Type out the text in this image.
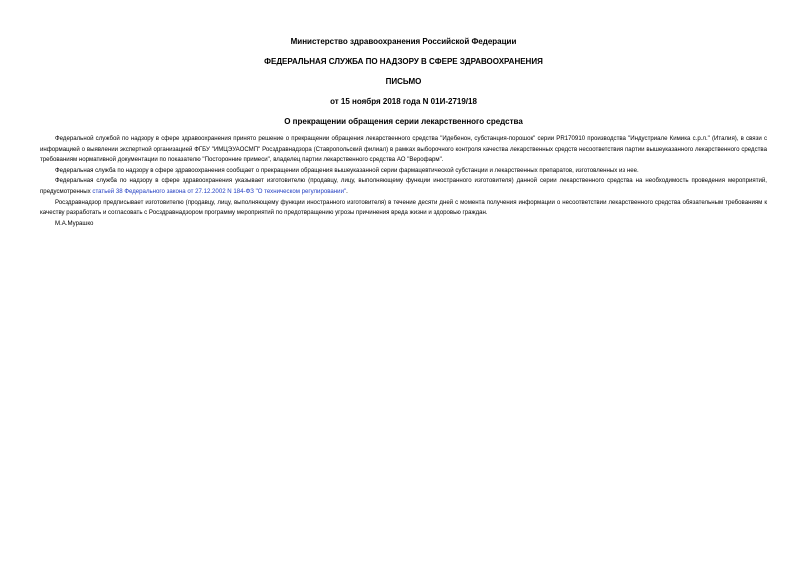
Министерство здравоохранения Российской Федерации

ФЕДЕРАЛЬНАЯ СЛУЖБА ПО НАДЗОРУ В СФЕРЕ ЗДРАВООХРАНЕНИЯ

ПИСЬМО

от 15 ноября 2018 года N 01И-2719/18

О прекращении обращения серии лекарственного средства

Федеральной службой по надзору в сфере здравоохранения принято решение о прекращении обращения лекарственного средства "Идебенон, субстанция-порошок" серии PR170910 производства "Индустриале Кимика с.р.л." (Италия), в связи с информацией о выявлении экспертной организацией ФГБУ "ИМЦЭУАОСМП" Росздравнадзора (Ставропольский филиал) в рамках выборочного контроля качества лекарственных средств несоответствия партии вышеуказанного лекарственного средства требованиям нормативной документации по показателю "Посторонние примеси", владелец партии лекарственного средства АО "Верофарм".

Федеральная служба по надзору в сфере здравоохранения сообщает о прекращении обращения вышеуказанной серии фармацевтической субстанции и лекарственных препаратов, изготовленных из нее.

Федеральная служба по надзору в сфере здравоохранения указывает изготовителю (продавцу, лицу, выполняющему функции иностранного изготовителя) данной серии лекарственного средства на необходимость проведения мероприятий, предусмотренных статьей 38 Федерального закона от 27.12.2002 N 184-ФЗ "О техническом регулировании".

Росздравнадзор предписывает изготовителю (продавцу, лицу, выполняющему функции иностранного изготовителя) в течение десяти дней с момента получения информации о несоответствии лекарственного средства обязательным требованиям к качеству разработать и согласовать с Росздравнадзором программу мероприятий по предотвращению угрозы причинения вреда жизни и здоровью граждан.

М.А.Мурашко
